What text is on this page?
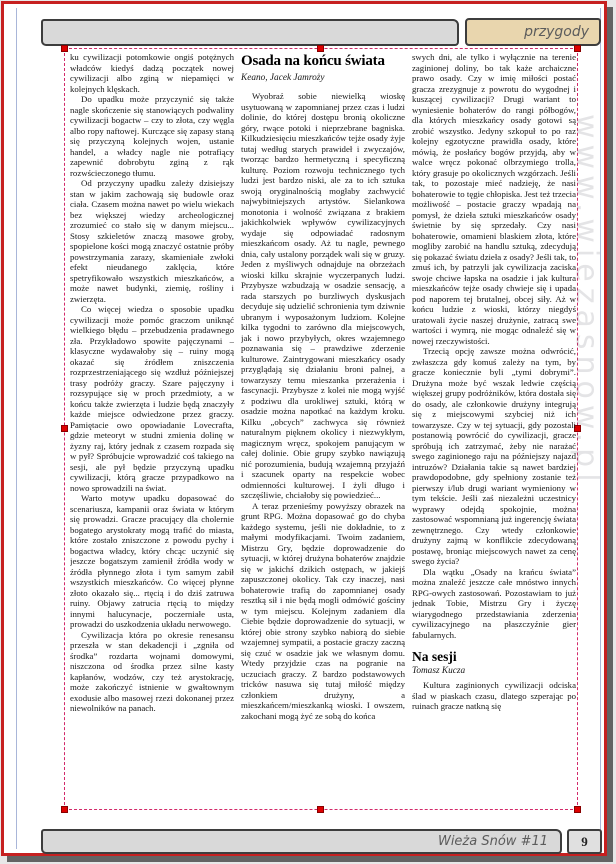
przygody

ku cywilizacji potomkowie ongiś potężnych władców kiedyś dadzą początek nowej cywilizacji albo zginą w niepamięci w kolejnych klęskach.

Do upadku może przyczynić się także nagle skończenie się stanowiących podwaliny cywilizacji bogactw – czy to złota, czy węgla albo ropy naftowej. Kurczące się zapasy staną się przyczyną kolejnych wojen, ustanie handel, a władcy nagle nie potrafiący zapewnić dobrobytu zginą z rąk rozwścieczonego tłumu.

Od przyczyny upadku zależy dzisiejszy stan w jakim zachowają się budowle oraz ciała. Czasem można nawet po wielu wiekach bez większej wiedzy archeologicznej zrozumieć co stało się w danym miejscu... Stosy szkieletów znaczą masowe groby, spopielone kości mogą znaczyć ostatnie próby powstrzymania zarazy, skamieniałe zwłoki efekt nieudanego zaklęcia, które spetryfikowało wszystkich mieszkańców, a może nawet budynki, ziemię, rośliny i zwierzęta.

Co więcej wiedza o sposobie upadku cywilizacji może pomóc graczom uniknąć wielkiego błędu – przebudzenia pradawnego zła. Przykładowo spowite pajęczynami – klasyczne wydawałoby się – ruiny mogą okazać się źródłem zniszczenia rozprzestrzeniającego się wzdłuż późniejszej trasy podróży graczy. Szare pajęczyny i rozsypujące się w proch przedmioty, a w końcu także zwierzęta i ludzie będą znaczyły każde miejsce odwiedzone przez graczy. Pamiętacie owo opowiadanie Lovecrafta, gdzie meteoryt w studni zmienia dolinę w żyzny raj, który jednak z czasem rozpada się w pył? Spróbujcie wprowadzić coś takiego na sesji, ale pył będzie przyczyną upadku cywilizacji, którą gracze przypadkowo na nowo sprowadzili na świat.

Warto motyw upadku dopasować do scenariusza, kampanii oraz świata w którym się prowadzi. Gracze pracujący dla cholernie bogatego arystokraty mogą trafić do miasta, które zostało zniszczone z powodu pychy i bogactwa władcy, który chcąc uczynić się jeszcze bogatszym zamienił źródła wody w źródła płynnego złota i tym samym zabił wszystkich mieszkańców. Co więcej płynne złoto okazało się... rtęcią i do dziś zatruwa ruiny. Objawy zatrucia rtęcią to między innymi halucynacje, poczerniałe usta, prowadzi do uszkodzenia układu nerwowego.

Cywilizacja która po okresie renesansu przeszła w stan dekadencji i „zgniła od środka” rozdarta wojnami domowymi, niszczona od środka przez silne kasty kapłanów, wodzów, czy też arystokrację, może zakończyć istnienie w gwałtownym exodusie albo masowej rzezi dokonanej przez niewolników na panach.

Osada na końcu świata

Keano, Jacek Jamroży

Wyobraź sobie niewielką wioskę usytuowaną w zapomnianej przez czas i ludzi dolinie, do której dostępu bronią okoliczne góry, rwące potoki i nieprzebrane bagniska. Kilkudziesięciu mieszkańców tejże osady żyje tutaj według starych prawideł i zwyczajów, tworząc bardzo hermetyczną i specyficzną kulturę. Poziom rozwoju technicznego tych ludzi jest bardzo niski, ale za to ich sztuka swoją oryginalnością mogłaby zachwycić najwybitniejszych artystów. Sielankowa monotonia i wolność związana z brakiem jakichkolwiek wpływów cywilizacyjnych wydaje się odpowiadać radosnym mieszkańcom osady. Aż tu nagle, pewnego dnia, cały ustalony porządek wali się w gruzy. Jeden z myśliwych odnajduje na obrzeżach wioski kilku skrajnie wyczerpanych ludzi. Przybysze wzbudzają w osadzie sensację, a rada starszych po burzliwych dyskusjach decyduje się udzielić schronienia tym dziwnie ubranym i wyposażonym ludziom. Kolejne kilka tygodni to zarówno dla miejscowych, jak i nowo przybyłych, okres wzajemnego poznawania się – prawdziwe zderzenie kulturowe. Zaintrygowani mieszkańcy osady przyglądają się działaniu broni palnej, a towarzyszy temu mieszanka przerażenia i fascynacji. Przybysze z kolei nie mogą wyjść z podziwu dla urokliwej sztuki, którą w osadzie można napotkać na każdym kroku. Kilku „obcych” zachwyca się również naturalnym pięknem okolicy i niezwykłym, magicznym wręcz, spokojem panującym w całej dolinie. Obie grupy szybko nawiązują nić porozumienia, budują wzajemną przyjaźń i szacunek oparty na respekcie wobec odmienności kulturowej. I żyli długo i szczęśliwie, chciałoby się powiedzieć...

A teraz przenieśmy powyższy obrazek na grunt RPG. Można dopasować go do chyba każdego systemu, jeśli nie dokładnie, to z małymi modyfikacjami. Twoim zadaniem, Mistrzu Gry, będzie doprowadzenie do sytuacji, w której drużyna bohaterów znajdzie się w jakichś dzikich ostępach, w jakiejś zapuszczonej okolicy. Tak czy inaczej, nasi bohaterowie trafią do zapomnianej osady resztką sił i nie będą mogli odmówić gościny w tym miejscu. Kolejnym zadaniem dla Ciebie będzie doprowadzenie do sytuacji, w której obie strony szybko nabiorą do siebie wzajemnej sympatii, a postacie graczy zaczną się czuć w osadzie jak we własnym domu. Wtedy przyjdzie czas na pogranie na uczuciach graczy. Z bardzo podstawowych tricków nasuwa się tutaj miłość między członkiem drużyny, a mieszkańcem/mieszkanką wioski. I owszem, zakochani mogą żyć ze sobą do końca

swych dni, ale tylko i wyłącznie na terenie zaginionej doliny, bo tak każe archaiczne prawo osady. Czy w imię miłości postać gracza zrezygnuje z powrotu do wygodnej i kuszącej cywilizacji? Drugi wariant to wyniesienie bohaterów do rangi półbogów, dla których mieszkańcy osady gotowi są zrobić wszystko. Jedyny szkopuł to po raz kolejny egzotyczne prawidła osady, które mówią, że posłańcy bogów przyjdą, aby w walce wręcz pokonać olbrzymiego trolla, który grasuje po okolicznych wzgórzach. Jeśli tak, to pozostaje mieć nadzieję, że nasi bohaterowie to tęgie chłopiska. Jest też trzecia możliwość – postacie graczy wpadają na pomysł, że dzieła sztuki mieszkańców osady świetnie by się sprzedały. Czy nasi bohaterowie, omamieni blaskiem złota, które mogliby zarobić na handlu sztuką, zdecydują się pokazać światu dzieła z osady? Jeśli tak, to zmuś ich, by patrzyli jak cywilizacja zaciska swoje chciwe łapska na osadzie i jak kultura mieszkańców tejże osady chwieje się i upada pod naporem tej brutalnej, obcej siły. Aż w końcu ludzie z wioski, którzy niegdyś uratowali życie naszej drużynie, zatracą swe wartości i wymrą, nie mogąc odnaleźć się w nowej rzeczywistości.

Trzecią opcję zawsze można odwrócić, zwłaszcza gdy komuś zależy na tym, by gracze koniecznie byli „tymi dobrymi”. Drużyna może być wszak ledwie częścią większej grupy podróżników, która dostała się do osady, ale członkowie drużyny integrują się z miejscowymi szybciej niż ich towarzysze. Czy w tej sytuacji, gdy pozostali postanowią powrócić do cywilizacji, gracze spróbują ich zatrzymać, żeby nie narażać swego zaginionego raju na późniejszy najazd intruzów? Działania takie są nawet bardziej prawdopodobne, gdy spełniony zostanie też pierwszy i/lub drugi wariant wymieniony w tym tekście. Jeśli zaś niezależni uczestnicy wyprawy odejdą spokojnie, można zastosować wspomnianą już ingerencję świata zewnętrznego. Czy wtedy członkowie drużyny zajmą w konflikcie zdecydowaną postawę, broniąc miejscowych nawet za cenę swego życia?

Dla wątku „Osady na krańcu świata” można znaleźć jeszcze całe mnóstwo innych RPG-owych zastosowań. Pozostawiam to już jednak Tobie, Mistrzu Gry i życzę wiarygodnego przedstawiania zderzenia cywilizacyjnego na płaszczyźnie gier fabularnych.

Na sesji

Tomasz Kucza

Kultura zaginionych cywilizacji odciska ślad w piaskach czasu, dlatego szperając po ruinach gracze natkną się

www.wiezasnow.pl
Wieża Snów #11	9
